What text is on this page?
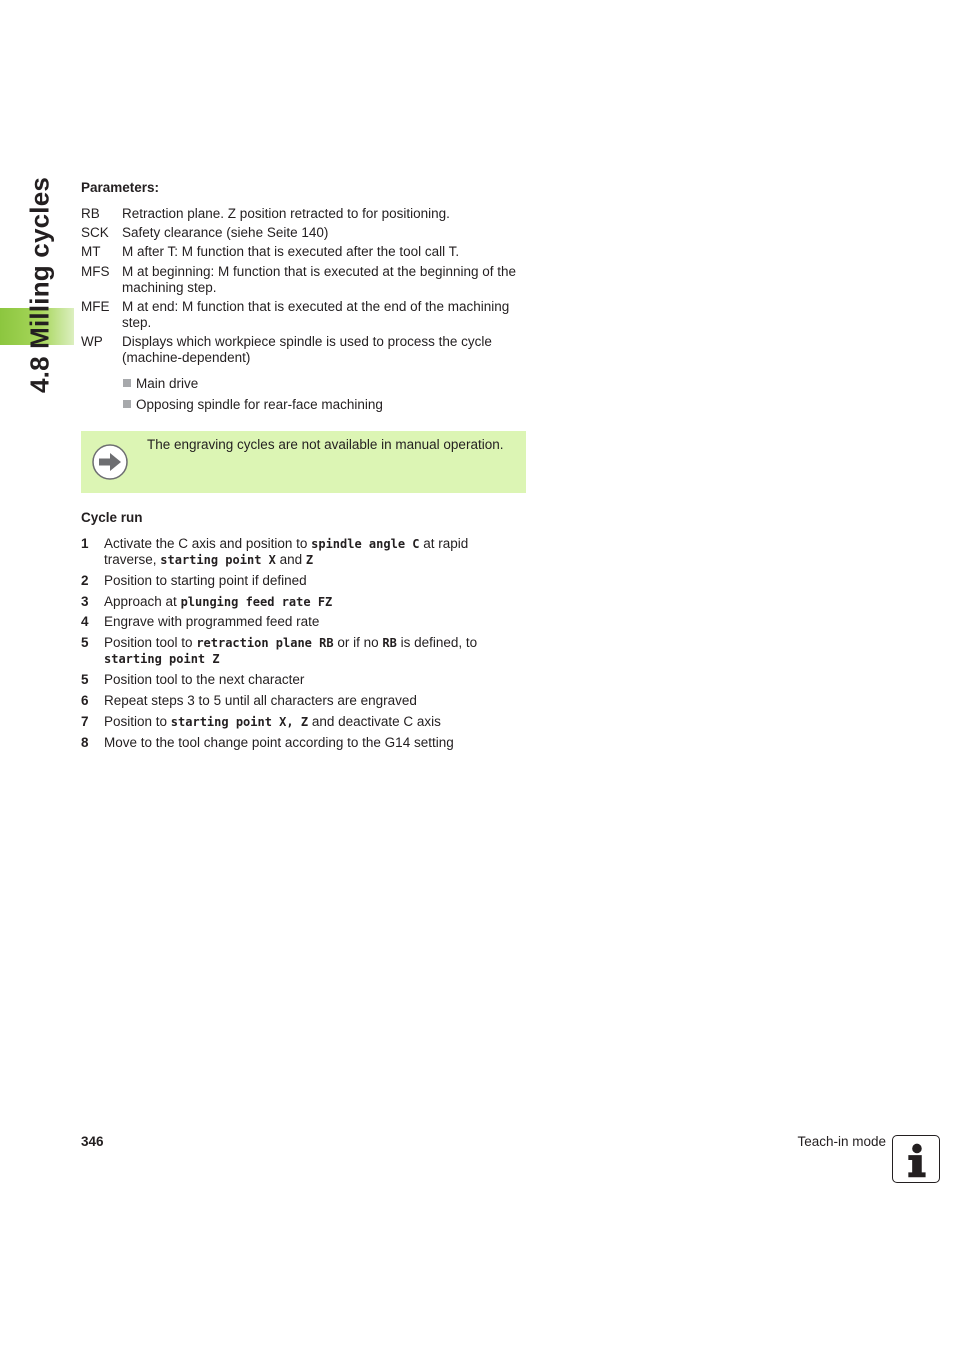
4.8 Milling cycles Parameters:
RB Retraction plane. Z position retracted to for positioning.
SCK Safety clearance (siehe Seite 140)
MT M after T: M function that is executed after the tool call T.
MFS M at beginning: M function that is executed at the beginning of the machining step.
MFE M at end: M function that is executed at the end of the machining step.
WP Displays which workpiece spindle is used to process the cycle (machine-dependent)
Main drive
Opposing spindle for rear-face machining
The engraving cycles are not available in manual operation.
Cycle run
1 Activate the C axis and position to spindle angle C at rapid traverse, starting point X and Z
2 Position to starting point if defined
3 Approach at plunging feed rate FZ
4 Engrave with programmed feed rate
5 Position tool to retraction plane RB or if no RB is defined, to starting point Z
5 Position tool to the next character
6 Repeat steps 3 to 5 until all characters are engraved
7 Position to starting point X, Z and deactivate C axis
8 Move to the tool change point according to the G14 setting
346	Teach-in mode
